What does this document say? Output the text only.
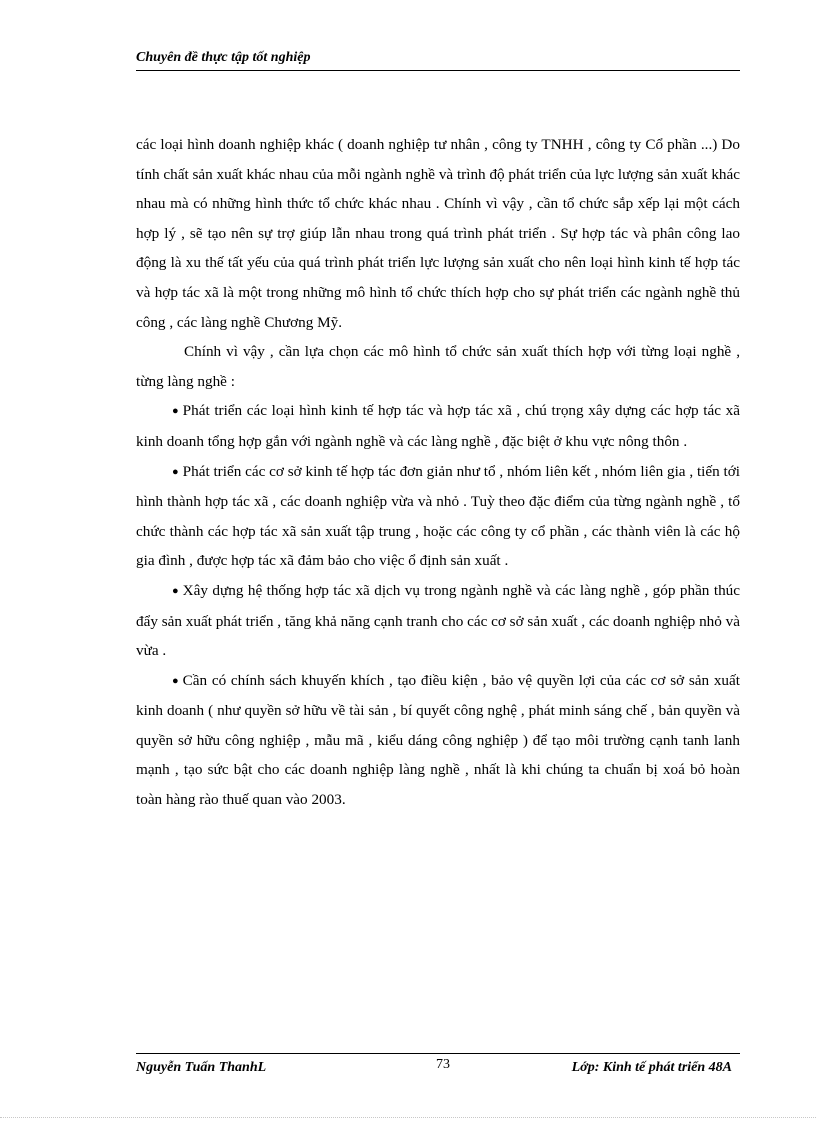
Chuyên đề thực tập tốt nghiệp

các loại hình doanh nghiệp khác ( doanh nghiệp tư nhân , công ty TNHH , công ty Cổ phần ...) Do tính chất sản xuất khác nhau của mỗi ngành nghề và trình độ phát triển của lực lượng sản xuất khác nhau mà có những hình thức tổ chức khác nhau . Chính vì vậy , cần tổ chức sắp xếp lại một cách hợp lý , sẽ tạo nên sự trợ giúp lẫn nhau trong quá trình phát triển . Sự hợp tác và phân công lao động là xu thế tất yếu của quá trình phát triển lực lượng sản xuất cho nên loại hình kinh tế hợp tác và hợp tác xã là một trong những mô hình tổ chức thích hợp cho sự phát triển các ngành nghề thủ công , các làng nghề Chương Mỹ.

Chính vì vậy , cần lựa chọn các mô hình tổ chức sản xuất thích hợp với từng loại nghề , từng làng nghề :

● Phát triển các loại hình kinh tế hợp tác và hợp tác xã , chú trọng xây dựng các hợp tác xã kinh doanh tổng hợp gắn với ngành nghề và các làng nghề , đặc biệt ở khu vực nông thôn .

● Phát triển các cơ sở kinh tế hợp tác đơn giản như tổ , nhóm liên kết , nhóm liên gia , tiến tới hình thành hợp tác xã , các doanh nghiệp vừa và nhỏ . Tuỳ theo đặc điểm của từng ngành nghề , tổ chức thành các hợp tác xã sản xuất tập trung , hoặc các công ty cổ phần , các thành viên là các hộ gia đình , được hợp tác xã đảm bảo cho việc ổ định sản xuất .

● Xây dựng hệ thống hợp tác xã dịch vụ trong ngành nghề và các làng nghề , góp phần thúc đẩy sản xuất phát triển , tăng khả năng cạnh tranh cho các cơ sở sản xuất , các doanh nghiệp nhỏ và vừa .

● Cần có chính sách khuyến khích , tạo điều kiện , bảo vệ quyền lợi của các cơ sở sản xuất kinh doanh ( như quyền sở hữu về tài sản , bí quyết công nghệ , phát minh sáng chế , bản quyền và quyền sở hữu công nghiệp , mẫu mã , kiểu dáng công nghiệp ) để tạo môi trường cạnh tanh lanh mạnh , tạo sức bật cho các doanh nghiệp làng nghề , nhất là khi chúng ta chuẩn bị xoá bỏ hoàn toàn hàng rào thuế quan vào 2003.

Nguyễn Tuấn ThanhL	73	Lớp: Kinh tế phát triển 48A
